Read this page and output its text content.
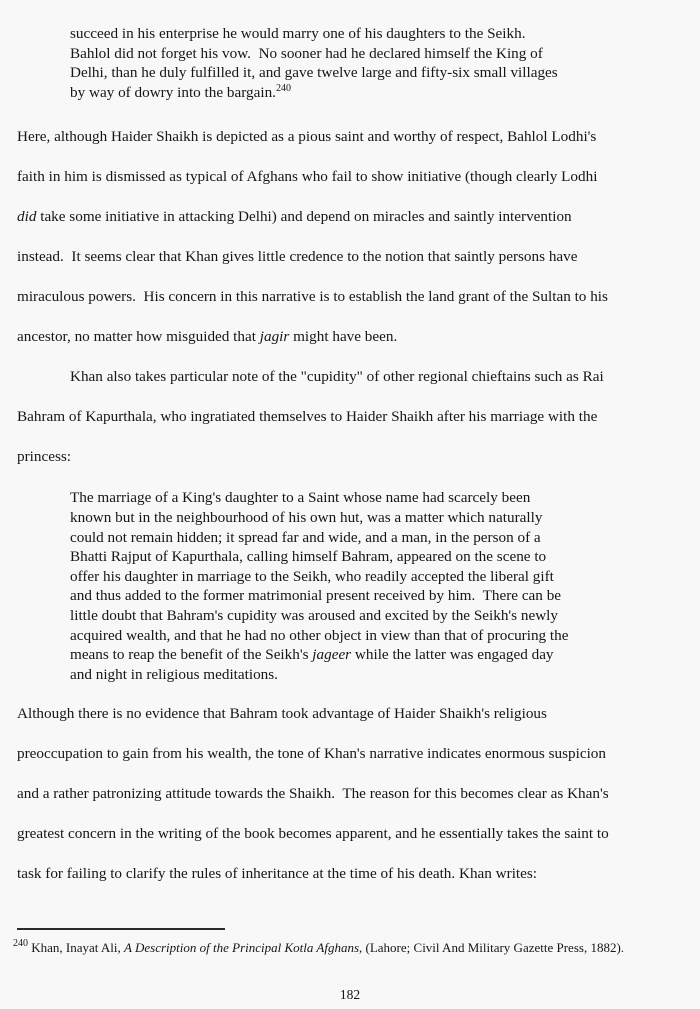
succeed in his enterprise he would marry one of his daughters to the Seikh.
Bahlol did not forget his vow.  No sooner had he declared himself the King of
Delhi, than he duly fulfilled it, and gave twelve large and fifty-six small villages
by way of dowry into the bargain.$^{240}$
Here, although Haider Shaikh is depicted as a pious saint and worthy of respect, Bahlol Lodhi's
faith in him is dismissed as typical of Afghans who fail to show initiative (though clearly Lodhi
did take some initiative in attacking Delhi) and depend on miracles and saintly intervention
instead.  It seems clear that Khan gives little credence to the notion that saintly persons have
miraculous powers.  His concern in this narrative is to establish the land grant of the Sultan to his
ancestor, no matter how misguided that jagir might have been.
Khan also takes particular note of the "cupidity" of other regional chieftains such as Rai
Bahram of Kapurthala, who ingratiated themselves to Haider Shaikh after his marriage with the
princess:
The marriage of a King's daughter to a Saint whose name had scarcely been
known but in the neighbourhood of his own hut, was a matter which naturally
could not remain hidden; it spread far and wide, and a man, in the person of a
Bhatti Rajput of Kapurthala, calling himself Bahram, appeared on the scene to
offer his daughter in marriage to the Seikh, who readily accepted the liberal gift
and thus added to the former matrimonial present received by him.  There can be
little doubt that Bahram's cupidity was aroused and excited by the Seikh's newly
acquired wealth, and that he had no other object in view than that of procuring the
means to reap the benefit of the Seikh's jageer while the latter was engaged day
and night in religious meditations.
Although there is no evidence that Bahram took advantage of Haider Shaikh's religious
preoccupation to gain from his wealth, the tone of Khan's narrative indicates enormous suspicion
and a rather patronizing attitude towards the Shaikh.  The reason for this becomes clear as Khan's
greatest concern in the writing of the book becomes apparent, and he essentially takes the saint to
task for failing to clarify the rules of inheritance at the time of his death. Khan writes:
$^{240}$ Khan, Inayat Ali, A Description of the Principal Kotla Afghans, (Lahore; Civil And Military Gazette Press, 1882).
182
